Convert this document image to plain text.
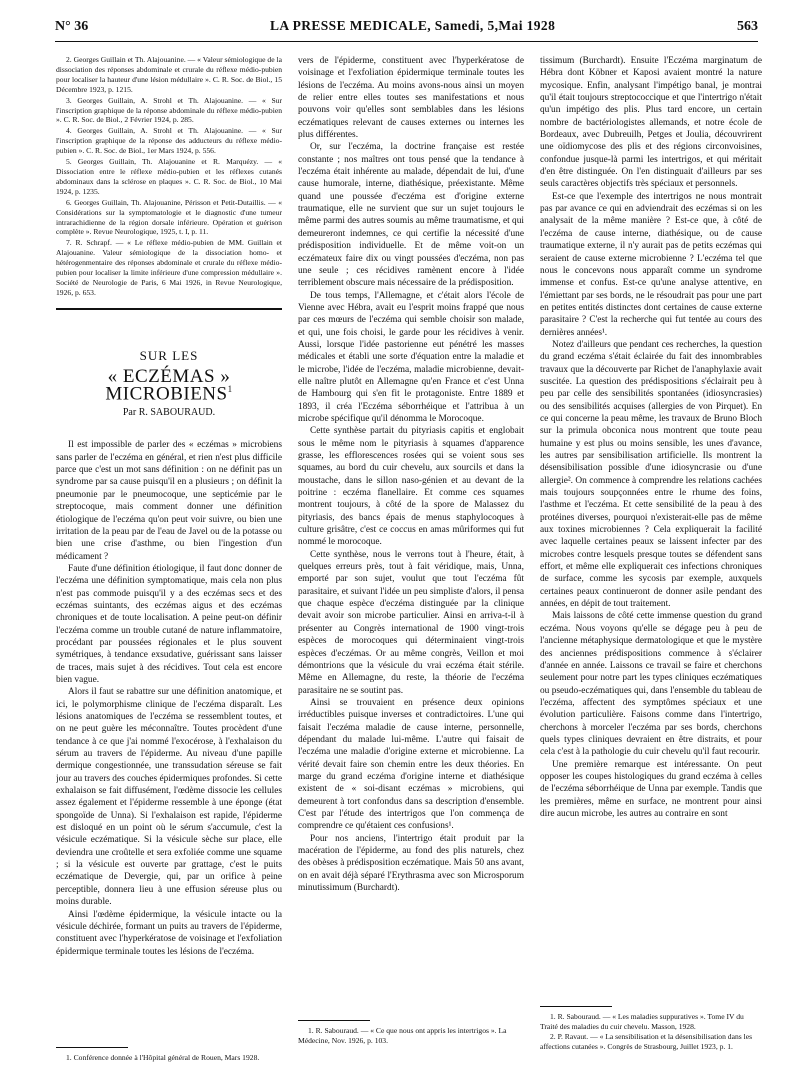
N° 36	LA PRESSE MEDICALE, Samedi, 5,Mai 1928	563

2. Georges Guillain et Th. Alajouanine. — « Valeur sémiologique de la dissociation des réponses abdominale et crurale du réflexe médio-pubien pour localiser la hauteur d'une lésion médullaire ». C. R. Soc. de Biol., 15 Décembre 1923, p. 1215.

3. Georges Guillain, A. Strohl et Th. Alajouanine. — « Sur l'inscription graphique de la réponse abdominale du réflexe médio-pubien ». C. R. Soc. de Biol., 2 Février 1924, p. 285.

4. Georges Guillain, A. Strohl et Th. Alajouanine. — « Sur l'inscription graphique de la réponse des adducteurs du réflexe médio-pubien ». C. R. Soc. de Biol., 1er Mars 1924, p. 556.

5. Georges Guillain, Th. Alajouanine et R. Marquézy. — « Dissociation entre le réflexe médio-pubien et les réflexes cutanés abdominaux dans la sclérose en plaques ». C. R. Soc. de Biol., 10 Mai 1924, p. 1235.

6. Georges Guillain, Th. Alajouanine, Périsson et Petit-Dutaillis. — « Considérations sur la symptomatologie et le diagnostic d'une tumeur intrarachidienne de la région dorsale inférieure. Opération et guérison complète ». Revue Neurologique, 1925, t. I, p. 11.

7. R. Schrapf. — « Le réflexe médio-pubien de MM. Guillain et Alajouanine. Valeur sémiologique de la dissociation homo- et hétérogenmentaire des réponses abdominale et crurale du réflexe médio-pubien pour localiser la limite inférieure d'une compression médullaire ». Société de Neurologie de Paris, 6 Mai 1926, in Revue Neurologique, 1926, p. 653.

SUR LES
« ECZÉMAS » MICROBIENS$^1$
Par R. SABOURAUD.

Il est impossible de parler des « eczémas » microbiens sans parler de l'eczéma en général, et rien n'est plus difficile parce que c'est un mot sans définition : on ne définit pas un syndrome par sa cause puisqu'il en a plusieurs ; on définit la pneumonie par le pneumocoque, une septicémie par le streptocoque, mais comment donner une définition étiologique de l'eczéma qu'on peut voir suivre, ou bien une irritation de la peau par de l'eau de Javel ou de la potasse ou bien une crise d'asthme, ou bien l'ingestion d'un médicament ?

Faute d'une définition étiologique, il faut donc donner de l'eczéma une définition symptomatique, mais cela non plus n'est pas commode puisqu'il y a des eczémas secs et des eczémas suintants, des eczémas aigus et des eczémas chroniques et de toute localisation. A peine peut-on définir l'eczéma comme un trouble cutané de nature inflammatoire, procédant par poussées régionales et le plus souvent symétriques, à tendance exsudative, guérissant sans laisser de traces, mais sujet à des récidives. Tout cela est encore bien vague.

Alors il faut se rabattre sur une définition anatomique, et ici, le polymorphisme clinique de l'eczéma disparaît. Les lésions anatomiques de l'eczéma se ressemblent toutes, et on ne peut guère les méconnaître. Toutes procèdent d'une tendance à ce que j'ai nommé l'exocérose, à l'exhalaison du sérum au travers de l'épiderme. Au niveau d'une papille dermique congestionnée, une transsudation séreuse se fait jour au travers des couches épidermiques profondes. Si cette exhalaison se fait diffusément, l'œdème dissocie les cellules assez également et l'épiderme ressemble à une éponge (état spongoïde de Unna). Si l'exhalaison est rapide, l'épiderme est disloqué en un point où le sérum s'accumule, c'est la vésicule eczématique. Si la vésicule sèche sur place, elle deviendra une croûtelle et sera exfoliée comme une squame ; si la vésicule est ouverte par grattage, c'est le puits eczématique de Devergie, qui, par un orifice à peine perceptible, donnera lieu à une effusion séreuse plus ou moins durable.

Ainsi l'œdème épidermique, la vésicule intacte ou la vésicule déchirée, formant un puits au travers de l'épiderme, constituent avec l'hyperkératose de voisinage et l'exfoliation épidermique terminale toutes les lésions de l'eczéma.

1. Conférence donnée à l'Hôpital général de Rouen, Mars 1928.

vers de l'épiderme, constituent avec l'hyperkératose de voisinage et l'exfoliation épidermique terminale toutes les lésions de l'eczéma. Au moins avons-nous ainsi un moyen de relier entre elles toutes ses manifestations et nous pouvons voir qu'elles sont semblables dans les lésions eczématiques relevant de causes externes ou internes les plus différentes.

Or, sur l'eczéma, la doctrine française est restée constante ; nos maîtres ont tous pensé que la tendance à l'eczéma était inhérente au malade, dépendait de lui, d'une cause humorale, interne, diathésique, préexistante. Même quand une poussée d'eczéma est d'origine externe traumatique, elle ne survient que sur un sujet toujours le même parmi des autres soumis au même traumatisme, et qui demeureront indemnes, ce qui certifie la nécessité d'une prédisposition individuelle. Et de même voit-on un eczémateux faire dix ou vingt poussées d'eczéma, non pas une seule ; ces récidives ramènent encore à l'idée terriblement obscure mais nécessaire de la prédisposition.

De tous temps, l'Allemagne, et c'était alors l'école de Vienne avec Hébra, avait eu l'esprit moins frappé que nous par ces mœurs de l'eczéma qui semble choisir son malade, et qui, une fois choisi, le garde pour les récidives à venir. Aussi, lorsque l'idée pastorienne eut pénétré les masses médicales et établi une sorte d'équation entre la maladie et le microbe, l'idée de l'eczéma, maladie microbienne, devait-elle naître plutôt en Allemagne qu'en France et c'est Unna de Hambourg qui s'en fit le protagoniste. Entre 1889 et 1893, il créa l'Eczéma séborrhéique et l'attribua à un microbe spécifique qu'il dénomma le Morocoque.

Cette synthèse partait du pityriasis capitis et englobait sous le même nom le pityriasis à squames d'apparence grasse, les efflorescences rosées qui se voient sous ses squames, au bord du cuir chevelu, aux sourcils et dans la moustache, dans le sillon naso-génien et au devant de la poitrine : eczéma flanellaire. Et comme ces squames montrent toujours, à côté de la spore de Malassez du pityriasis, des bancs épais de menus staphylocoques à culture grisâtre, c'est ce coccus en amas mûriformes qui fut nommé le morocoque.

Cette synthèse, nous le verrons tout à l'heure, était, à quelques erreurs près, tout à fait véridique, mais, Unna, emporté par son sujet, voulut que tout l'eczéma fût parasitaire, et suivant l'idée un peu simpliste d'alors, il pensa que chaque espèce d'eczéma distinguée par la clinique devait avoir son microbe particulier. Ainsi en arriva-t-il à présenter au Congrès international de 1900 vingt-trois espèces de morocoques qui déterminaient vingt-trois espèces d'eczémas. Or au même congrès, Veillon et moi démontrions que la vésicule du vrai eczéma était stérile. Même en Allemagne, du reste, la théorie de l'eczéma parasitaire ne se soutint pas.

Ainsi se trouvaient en présence deux opinions irréductibles puisque inverses et contradictoires. L'une qui faisait l'eczéma maladie de cause interne, personnelle, dépendant du malade lui-même. L'autre qui faisait de l'eczéma une maladie d'origine externe et microbienne. La vérité devait faire son chemin entre les deux théories. En marge du grand eczéma d'origine interne et diathésique existent de « soi-disant eczémas » microbiens, qui demeurent à tort confondus dans sa description d'ensemble. C'est par l'étude des intertrigos que l'on commença de comprendre ce qu'étaient ces confusions¹.

Pour nos anciens, l'intertrigo était produit par la macération de l'épiderme, au fond des plis naturels, chez des obèses à prédisposition eczématique. Mais 50 ans avant, on en avait déjà séparé l'Erythrasma avec son Microsporum minutissimum (Burchardt).

1. R. Sabouraud. — « Ce que nous ont appris les intertrigos ». La Médecine, Nov. 1926, p. 103.

tissimum (Burchardt). Ensuite l'Eczéma marginatum de Hébra dont Köbner et Kaposi avaient montré la nature mycosique. Enfin, analysant l'impétigo banal, je montrai qu'il était toujours streptococcique et que l'intertrigo n'était qu'un impétigo des plis. Plus tard encore, un certain nombre de bactériologistes allemands, et notre école de Bordeaux, avec Dubreuilh, Petges et Joulia, découvrirent une oïdiomycose des plis et des régions circonvoisines, confondue jusque-là parmi les intertrigos, et qui méritait d'en être distinguée. On l'en distinguait d'ailleurs par ses seuls caractères objectifs très spéciaux et personnels.

Est-ce que l'exemple des intertrigos ne nous montrait pas par avance ce qui en adviendrait des eczémas si on les analysait de la même manière ? Est-ce que, à côté de l'eczéma de cause interne, diathésique, ou de cause traumatique externe, il n'y aurait pas de petits eczémas qui seraient de cause externe microbienne ? L'eczéma tel que nous le concevons nous apparaît comme un syndrome immense et confus. Est-ce qu'une analyse attentive, en l'émiettant par ses bords, ne le résoudrait pas pour une part en petites entités distinctes dont certaines de cause externe parasitaire ? C'est la recherche qui fut tentée au cours des dernières années¹.

Notez d'ailleurs que pendant ces recherches, la question du grand eczéma s'était éclairée du fait des innombrables travaux que la découverte par Richet de l'anaphylaxie avait suscitée. La question des prédispositions s'éclairait peu à peu par celle des sensibilités spontanées (idiosyncrasies) ou des sensibilités acquises (allergies de von Pirquet). En ce qui concerne la peau même, les travaux de Bruno Bloch sur la primula obconica nous montrent que toute peau humaine y est plus ou moins sensible, les unes d'avance, les autres par sensibilisation artificielle. Ils montrent la désensibilisation possible d'une idiosyncrasie ou d'une allergie². On commence à comprendre les relations cachées mais toujours soupçonnées entre le rhume des foins, l'asthme et l'eczéma. Et cette sensibilité de la peau à des protéines diverses, pourquoi n'existerait-elle pas de même aux toxines microbiennes ? Cela expliquerait la facilité avec laquelle certaines peaux se laissent infecter par des microbes contre lesquels presque toutes se défendent sans effort, et même elle expliquerait ces infections chroniques de surface, comme les sycosis par exemple, auxquels certaines peaux continueront de donner asile pendant des années, en dépit de tout traitement.

Mais laissons de côté cette immense question du grand eczéma. Nous voyons qu'elle se dégage peu à peu de l'ancienne métaphysique dermatologique et que le mystère des anciennes prédispositions commence à s'éclairer d'année en année. Laissons ce travail se faire et cherchons seulement pour notre part les types cliniques eczématiques ou pseudo-eczématiques qui, dans l'ensemble du tableau de l'eczéma, affectent des symptômes spéciaux et une évolution particulière. Faisons comme dans l'intertrigo, cherchons à morceler l'eczéma par ses bords, cherchons quels types cliniques devraient en être distraits, et pour cela c'est à la pathologie du cuir chevelu qu'il faut recourir.

Une première remarque est intéressante. On peut opposer les coupes histologiques du grand eczéma à celles de l'eczéma séborrhéique de Unna par exemple. Tandis que les premières, même en surface, ne montrent pour ainsi dire aucun microbe, les autres au contraire en sont

1. R. Sabouraud. — « Les maladies suppuratives ». Tome IV du Traité des maladies du cuir chevelu. Masson, 1928.

2. P. Ravaut. — « La sensibilisation et la désensibilisation dans les affections cutanées ». Congrès de Strasbourg, Juillet 1923, p. 1.
